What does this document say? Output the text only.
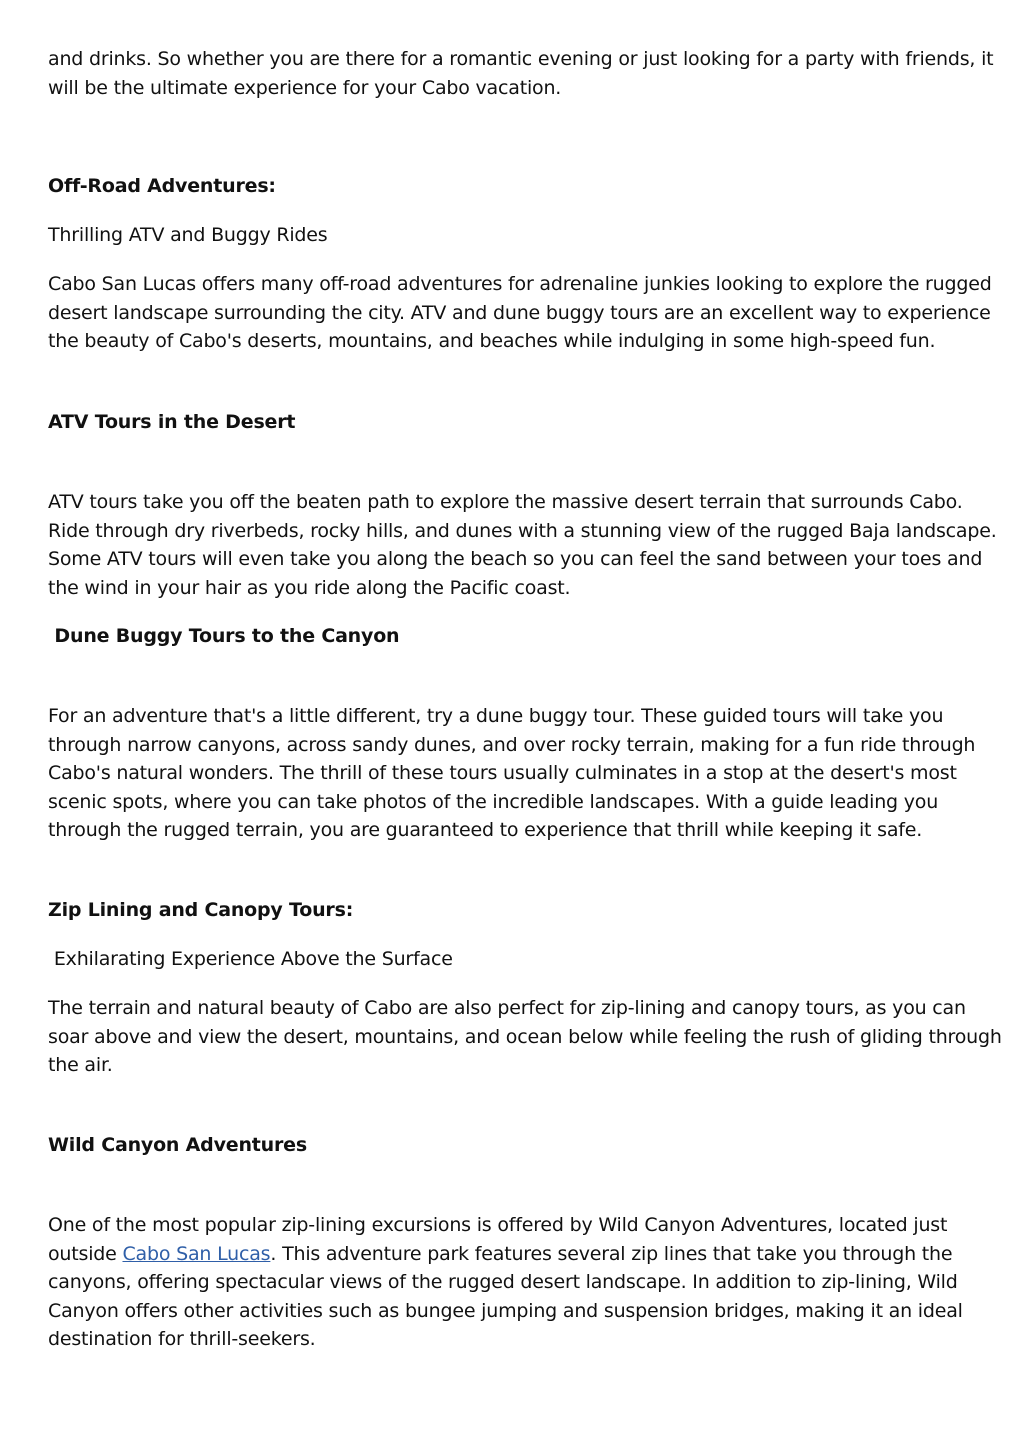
and drinks. So whether you are there for a romantic evening or just looking for a party with friends, it
will be the ultimate experience for your Cabo vacation.

Off-Road Adventures:

Thrilling ATV and Buggy Rides

Cabo San Lucas offers many off-road adventures for adrenaline junkies looking to explore the rugged
desert landscape surrounding the city. ATV and dune buggy tours are an excellent way to experience
the beauty of Cabo's deserts, mountains, and beaches while indulging in some high-speed fun.

ATV Tours in the Desert

ATV tours take you off the beaten path to explore the massive desert terrain that surrounds Cabo.
Ride through dry riverbeds, rocky hills, and dunes with a stunning view of the rugged Baja landscape.
Some ATV tours will even take you along the beach so you can feel the sand between your toes and
the wind in your hair as you ride along the Pacific coast.

Dune Buggy Tours to the Canyon

For an adventure that's a little different, try a dune buggy tour. These guided tours will take you
through narrow canyons, across sandy dunes, and over rocky terrain, making for a fun ride through
Cabo's natural wonders. The thrill of these tours usually culminates in a stop at the desert's most
scenic spots, where you can take photos of the incredible landscapes. With a guide leading you
through the rugged terrain, you are guaranteed to experience that thrill while keeping it safe.

Zip Lining and Canopy Tours:

Exhilarating Experience Above the Surface

The terrain and natural beauty of Cabo are also perfect for zip-lining and canopy tours, as you can
soar above and view the desert, mountains, and ocean below while feeling the rush of gliding through
the air.

Wild Canyon Adventures

One of the most popular zip-lining excursions is offered by Wild Canyon Adventures, located just
outside Cabo San Lucas. This adventure park features several zip lines that take you through the
canyons, offering spectacular views of the rugged desert landscape. In addition to zip-lining, Wild
Canyon offers other activities such as bungee jumping and suspension bridges, making it an ideal
destination for thrill-seekers.
